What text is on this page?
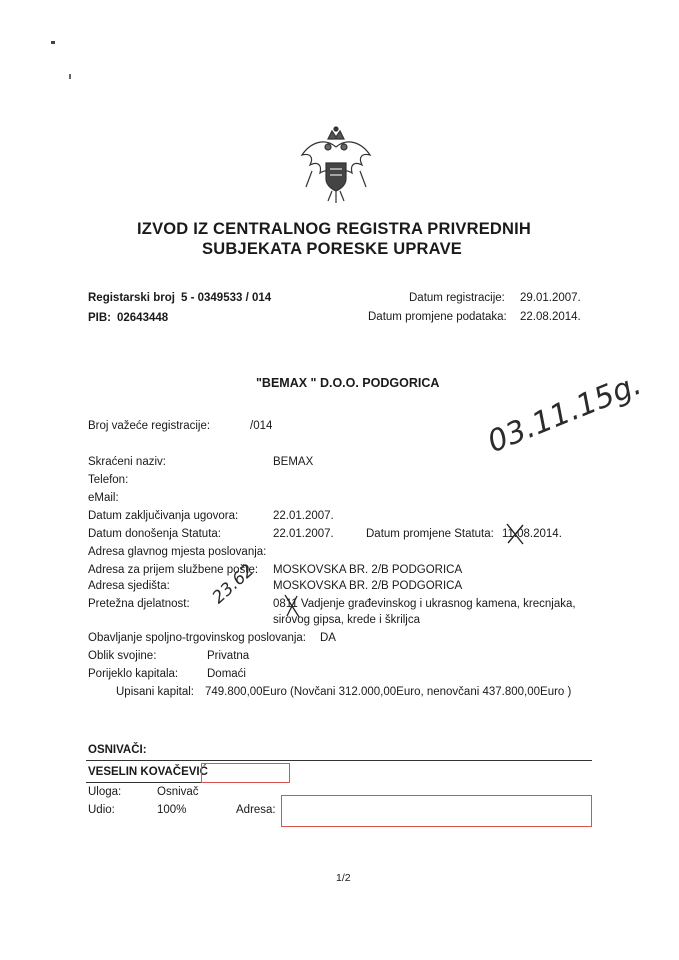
IZVOD IZ CENTRALNOG REGISTRA PRIVREDNIH
SUBJEKATA PORESKE UPRAVE
Registarski broj 5 - 0349533 / 014
PIB: 02643448
Datum registracije: 29.01.2007.
Datum promjene podataka: 22.08.2014.
"BEMAX " D.O.O. PODGORICA
Broj važeće registracije:	/014
Skraćeni naziv:	BEMAX
Telefon:
eMail:
Datum zaključivanja ugovora:	22.01.2007.
Datum donošenja Statuta:	22.01.2007.	Datum promjene Statuta: 11.08.2014.
Adresa glavnog mjesta poslovanja:
Adresa za prijem službene pošte: MOSKOVSKA BR. 2/B PODGORICA
Adresa sjedišta:	MOSKOVSKA BR. 2/B PODGORICA
Pretežna djelatnost:	0811 Vadjenje građevinskog i ukrasnog kamena, krecnjaka,
sirovog gipsa, krede i škriljca
Obavljanje spoljno-trgovinskog poslovanja: DA
Oblik svojine:	Privatna
Porijeklo kapitala:	Domaći
Upisani kapital: 749.800,00Euro (Novčani 312.000,00Euro, nenovčani 437.800,00Euro )
OSNIVAČI:
VESELIN KOVAČEVIĆ
Uloga:	Osnivač
Udio:	100%	Adresa:
03.11.15g.
23.62
1/2
